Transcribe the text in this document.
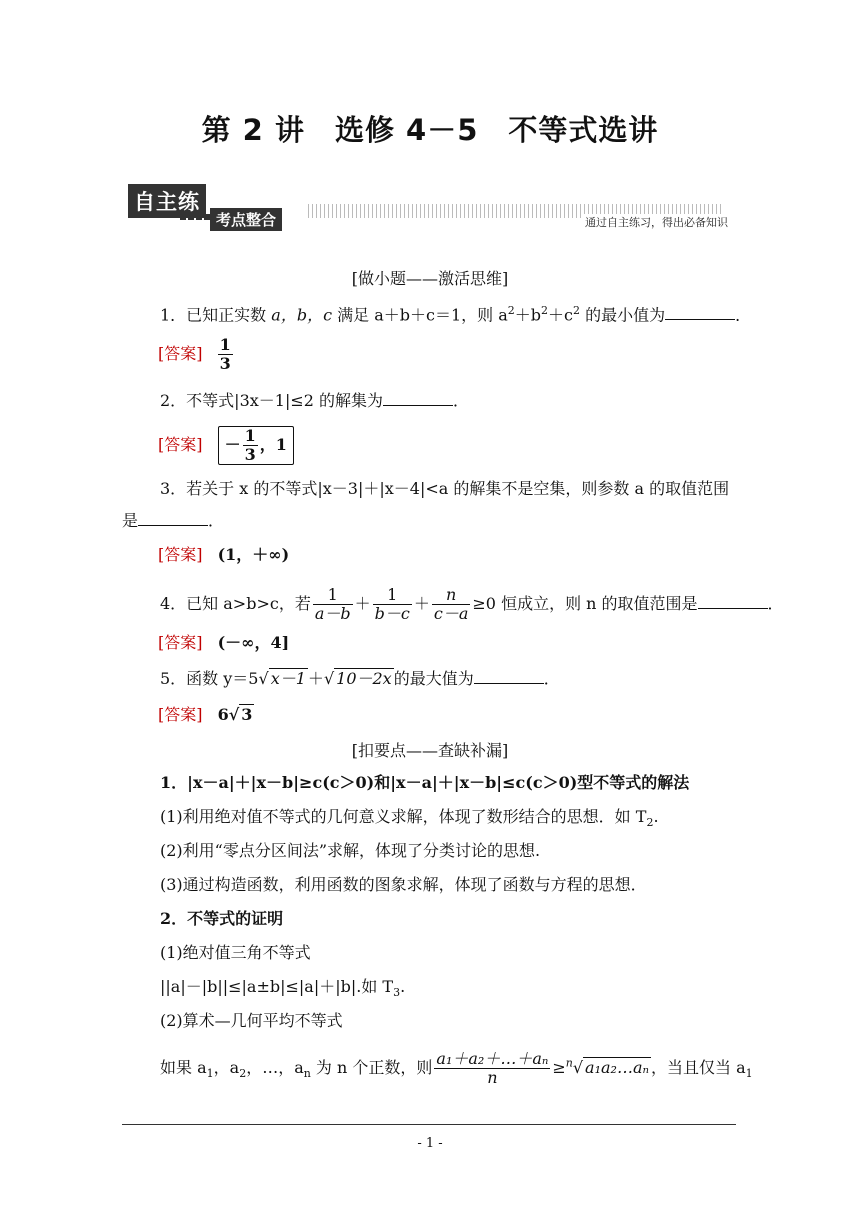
第 2 讲　选修 4－5　不等式选讲
自主练
考点整合	通过自主练习，得出必备知识
[做小题——激活思维]
1．已知正实数 a，b，c 满足 a＋b＋c＝1，则 $a^2+b^2+c^2$ 的最小值为	．
[答案] $\frac{1}{3}$
2．不等式|3x－1|≤2 的解集为	．
[答案] － $\frac{1}{3}$ ，1
3．若关于 x 的不等式|x－3|＋|x－4|<a 的解集不是空集，则参数 a 的取值范围
是	．
[答案] (1，＋∞)
4．已知 a>b>c，若 $\frac{1}{a-b} + \frac{1}{b-c} + \frac{n}{c-a} \ge 0$ 恒成立，则 n 的取值范围是	．
[答案] (－∞，4]
5．函数 y＝5√ x－1 ＋√ 10－2x 的最大值为	．
[答案] 6√ 3
[扣要点——查缺补漏]
1．|x－a|＋|x－b|≥c(c＞0)和|x－a|＋|x－b|≤c(c＞0)型不等式的解法
(1)利用绝对值不等式的几何意义求解，体现了数形结合的思想．如 $T_2$.
(2)利用“零点分区间法”求解，体现了分类讨论的思想.
(3)通过构造函数，利用函数的图象求解，体现了函数与方程的思想．
2．不等式的证明
(1)绝对值三角不等式
||a|－|b||≤|a±b|≤|a|＋|b|.如 $T_3$.
(2)算术—几何平均不等式
如果 $a_1$，$a_2$，…，$a_n$ 为 n 个正数，则 $\frac{\text{a₁＋a₂＋…＋aₙ}}{n} \ge^n√$ a₁a₂…aₙ ，当且仅当 $a_1$
- 1 -
